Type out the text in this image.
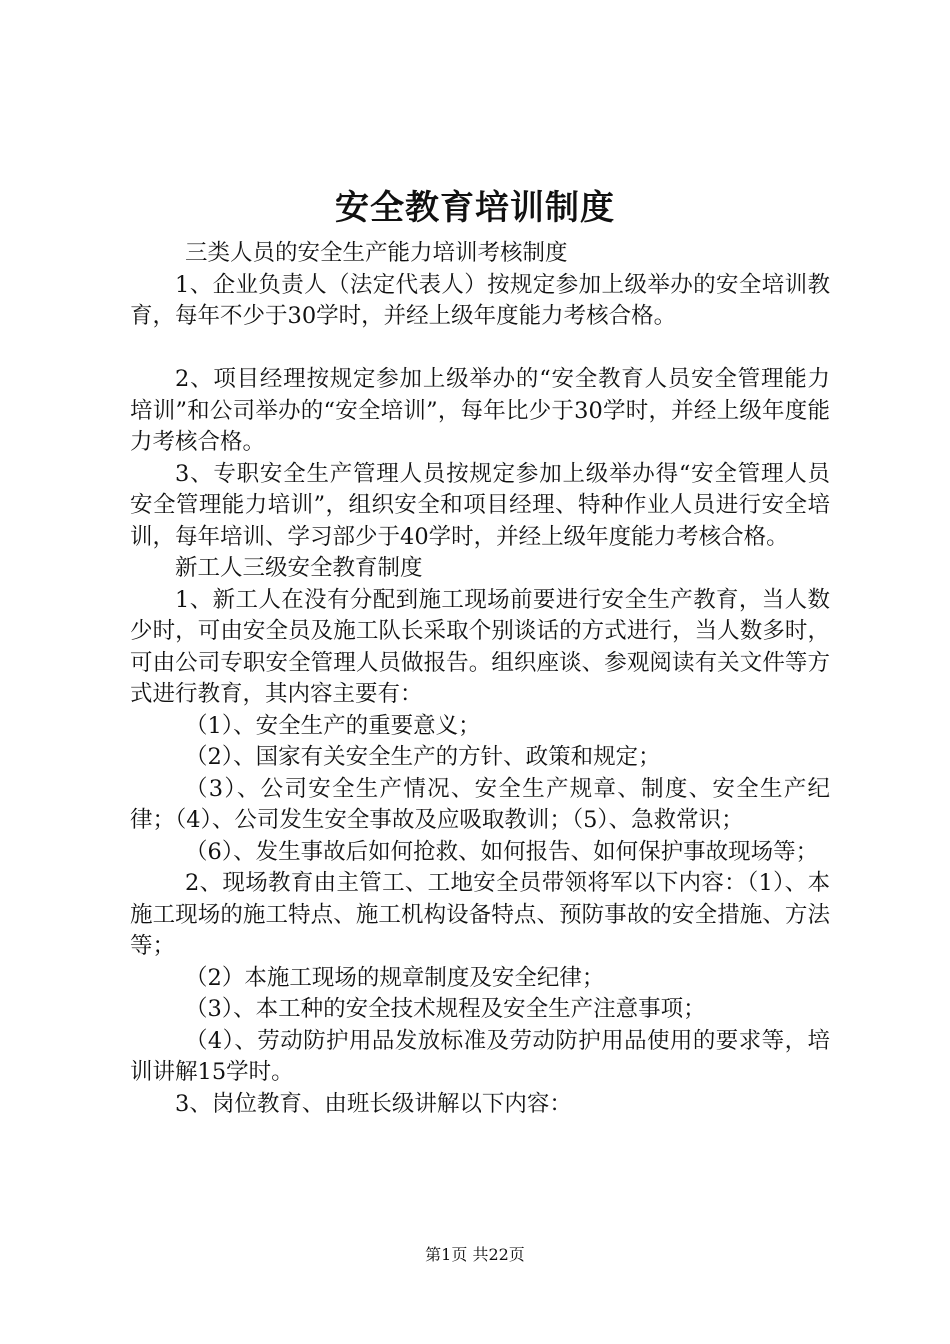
安全教育培训制度

三类人员的安全生产能力培训考核制度

1、企业负责人（法定代表人）按规定参加上级举办的安全培训教育，每年不少于30学时，并经上级年度能力考核合格。

2、项目经理按规定参加上级举办的“安全教育人员安全管理能力培训”和公司举办的“安全培训”，每年比少于30学时，并经上级年度能力考核合格。

3、专职安全生产管理人员按规定参加上级举办得“安全管理人员安全管理能力培训”，组织安全和项目经理、特种作业人员进行安全培训，每年培训、学习部少于40学时，并经上级年度能力考核合格。

新工人三级安全教育制度

1、新工人在没有分配到施工现场前要进行安全生产教育，当人数少时，可由安全员及施工队长采取个别谈话的方式进行，当人数多时，可由公司专职安全管理人员做报告。组织座谈、参观阅读有关文件等方式进行教育，其内容主要有：

（1）、安全生产的重要意义；

（2）、国家有关安全生产的方针、政策和规定；

（3）、公司安全生产情况、安全生产规章、制度、安全生产纪律；（4）、公司发生安全事故及应吸取教训；（5）、急救常识；

（6）、发生事故后如何抢救、如何报告、如何保护事故现场等；

2、现场教育由主管工、工地安全员带领将军以下内容：（1）、本施工现场的施工特点、施工机构设备特点、预防事故的安全措施、方法等；

（2）本施工现场的规章制度及安全纪律；

（3）、本工种的安全技术规程及安全生产注意事项；

（4）、劳动防护用品发放标准及劳动防护用品使用的要求等，培训讲解15学时。

3、岗位教育、由班长级讲解以下内容：

第1页 共22页
